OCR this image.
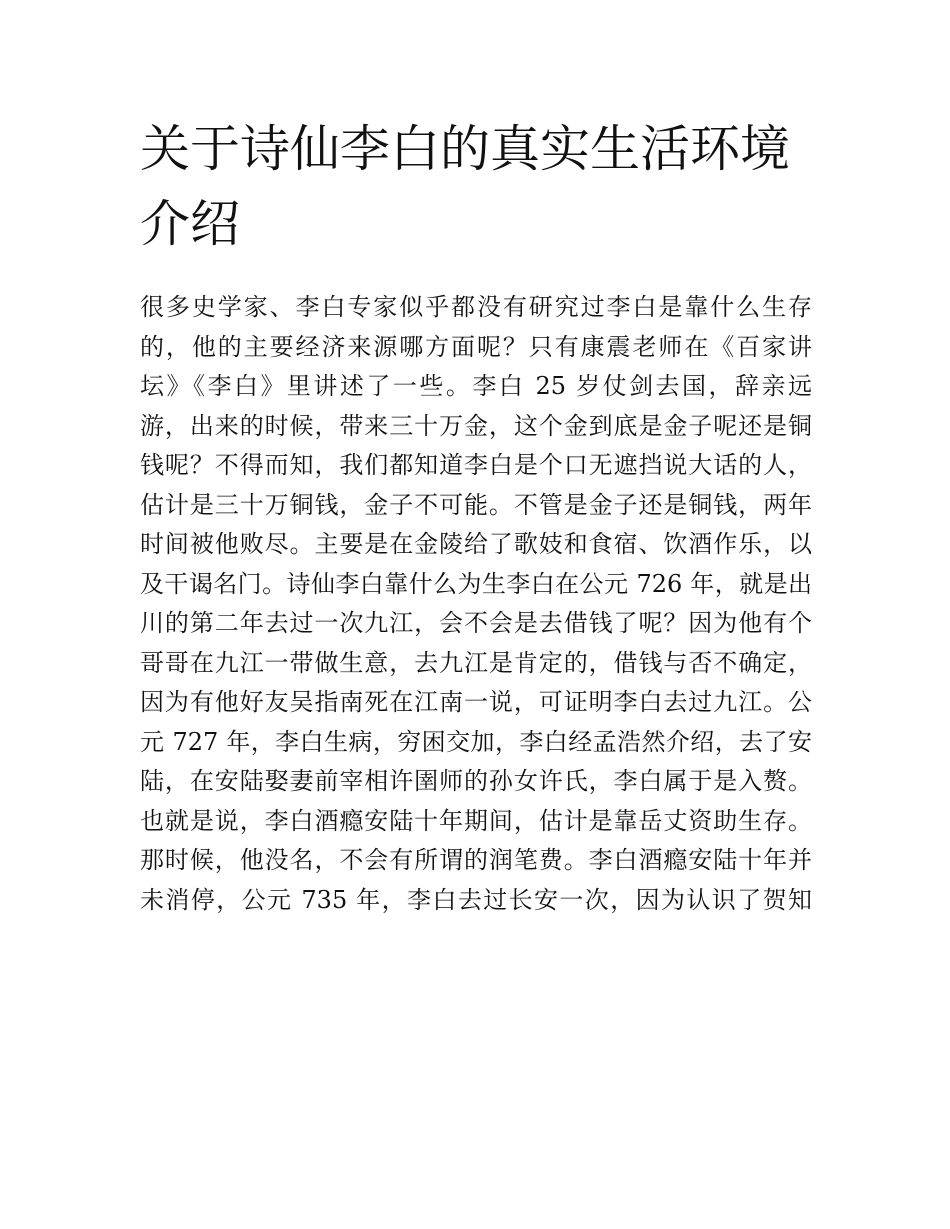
关于诗仙李白的真实生活环境
介绍
很多史学家、李白专家似乎都没有研究过李白是靠什么生存
的，他的主要经济来源哪方面呢？只有康震老师在《百家讲
坛》《李白》里讲述了一些。李白 25 岁仗剑去国，辞亲远
游，出来的时候，带来三十万金，这个金到底是金子呢还是铜
钱呢？不得而知，我们都知道李白是个口无遮挡说大话的人，
估计是三十万铜钱，金子不可能。不管是金子还是铜钱，两年
时间被他败尽。主要是在金陵给了歌妓和食宿、饮酒作乐，以
及干谒名门。诗仙李白靠什么为生李白在公元 726 年，就是出
川的第二年去过一次九江，会不会是去借钱了呢？因为他有个
哥哥在九江一带做生意，去九江是肯定的，借钱与否不确定，
因为有他好友吴指南死在江南一说，可证明李白去过九江。公
元 727 年，李白生病，穷困交加，李白经孟浩然介绍，去了安
陆，在安陆娶妻前宰相许圉师的孙女许氏，李白属于是入赘。
也就是说，李白酒瘾安陆十年期间，估计是靠岳丈资助生存。
那时候，他没名，不会有所谓的润笔费。李白酒瘾安陆十年并
未消停，公元 735 年，李白去过长安一次，因为认识了贺知
